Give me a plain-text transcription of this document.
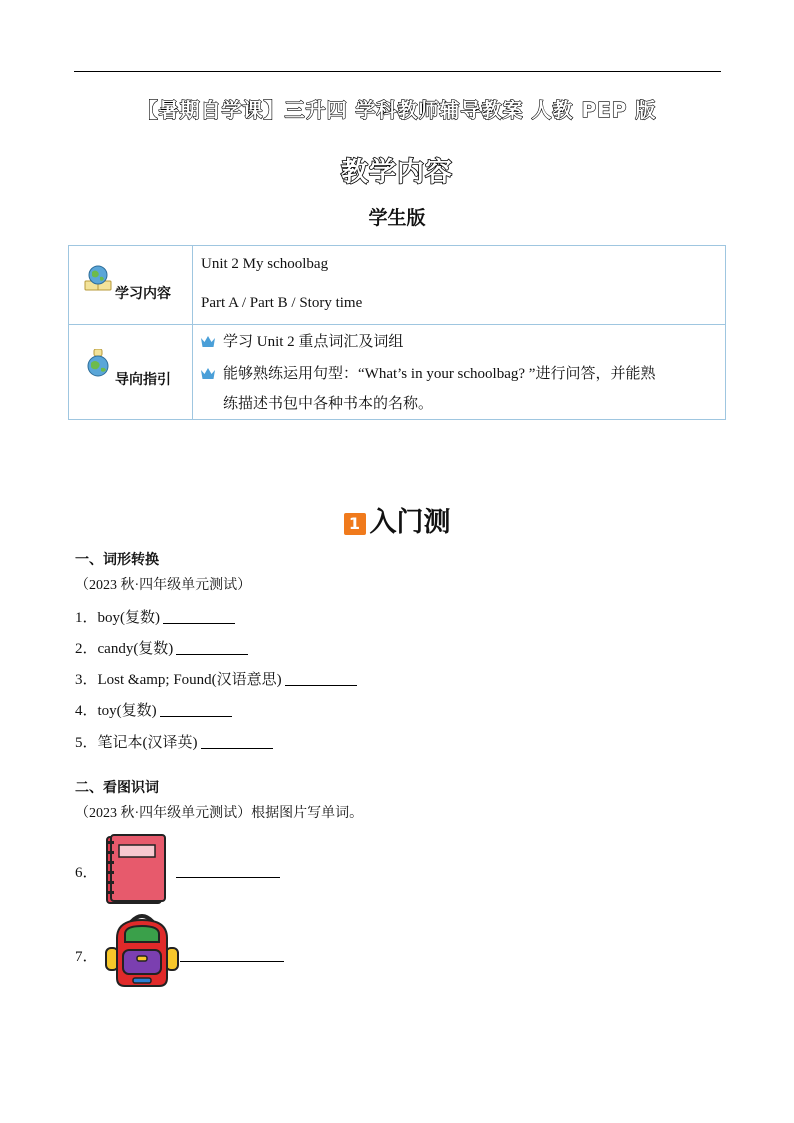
【暑期自学课】三升四 学科教师辅导教案 人教 PEP 版
教学内容
学生版
学习内容	Unit 2 My schoolbag
Part A / Part B / Story time

导向指引	学习 Unit 2 重点词汇及词组
能够熟练运用句型：“What’s in your schoolbag? ”进行问答，并能熟
练描述书包中各种书本的名称。
1 入门测
一、词形转换
（2023 秋·四年级单元测试）
1．boy(复数)
2．candy(复数)
3．Lost &amp; Found(汉语意思)
4．toy(复数)
5．笔记本(汉译英)
二、看图识词
（2023 秋·四年级单元测试）根据图片写单词。
6．
7．
